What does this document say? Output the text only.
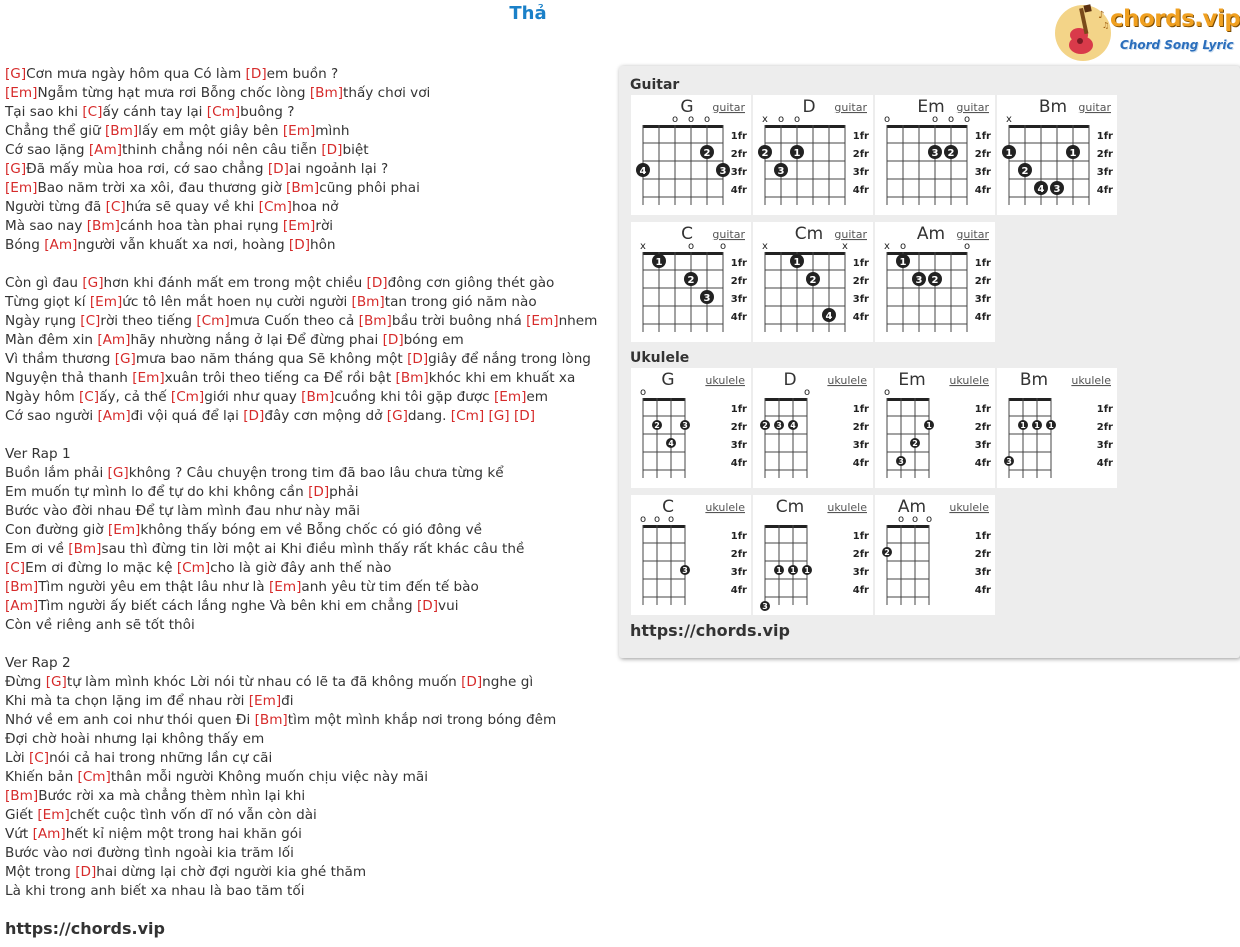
Thả	♪
♫ chords.vip
Chord Song Lyric
[G]Cơn mưa ngày hôm qua Có làm [D]em buồn ?
[Em]Ngẫm từng hạt mưa rơi Bỗng chốc lòng [Bm]thấy chơi vơi
Tại sao khi [C]ấy cánh tay lại [Cm]buông ?
Chẳng thể giữ [Bm]lấy em một giây bên [Em]mình
Cớ sao lặng [Am]thinh chẳng nói nên câu tiễn [D]biệt
[G]Đã mấy mùa hoa rơi, cớ sao chẳng [D]ai ngoảnh lại ?
[Em]Bao năm trời xa xôi, đau thương giờ [Bm]cũng phôi phai
Người từng đã [C]hứa sẽ quay về khi [Cm]hoa nở
Mà sao nay [Bm]cánh hoa tàn phai rụng [Em]rời
Bóng [Am]người vẫn khuất xa nơi, hoàng [D]hôn
Còn gì đau [G]hơn khi đánh mất em trong một chiều [D]đông cơn giông thét gào
Từng giọt kí [Em]ức tô lên mắt hoen nụ cười người [Bm]tan trong gió năm nào
Ngày rụng [C]rời theo tiếng [Cm]mưa Cuốn theo cả [Bm]bầu trời buông nhá [Em]nhem
Màn đêm xin [Am]hãy nhường nắng ở lại Để đừng phai [D]bóng em
Vì thầm thương [G]mưa bao năm tháng qua Sẽ không một [D]giây để nắng trong lòng
Nguyện thả thanh [Em]xuân trôi theo tiếng ca Để rồi bật [Bm]khóc khi em khuất xa
Ngày hôm [C]ấy, cả thế [Cm]giới như quay [Bm]cuồng khi tôi gặp được [Em]em
Cớ sao người [Am]đi vội quá để lại [D]đây cơn mộng dở [G]dang. [Cm] [G] [D]
Ver Rap 1
Buồn lắm phải [G]không ? Câu chuyện trong tim đã bao lâu chưa từng kể
Em muốn tự mình lo để tự do khi không cần [D]phải
Bước vào đời nhau Để tự làm mình đau như này mãi
Con đường giờ [Em]không thấy bóng em về Bỗng chốc có gió đông về
Em ơi về [Bm]sau thì đừng tin lời một ai Khi điều mình thấy rất khác câu thề
[C]Em ơi đừng lo mặc kệ [Cm]cho là giờ đây anh thế nào
[Bm]Tìm người yêu em thật lâu như là [Em]anh yêu từ tim đến tế bào
[Am]Tìm người ấy biết cách lắng nghe Và bên khi em chẳng [D]vui
Còn về riêng anh sẽ tốt thôi
Ver Rap 2
Đừng [G]tự làm mình khóc Lời nói từ nhau có lẽ ta đã không muốn [D]nghe gì
Khi mà ta chọn lặng im để nhau rời [Em]đi
Nhớ về em anh coi như thói quen Đi [Bm]tìm một mình khắp nơi trong bóng đêm
Đợi chờ hoài nhưng lại không thấy em
Lời [C]nói cả hai trong những lần cự cãi
Khiến bản [Cm]thân mỗi người Không muốn chịu việc này mãi
[Bm]Bước rời xa mà chẳng thèm nhìn lại khi
Giết [Em]chết cuộc tình vốn dĩ nó vẫn còn dài
Vứt [Am]hết kỉ niệm một trong hai khăn gói
Bước vào nơi đường tình ngoài kia trăm lối
Một trong [D]hai dừng lại chờ đợi người kia ghé thăm
Là khi trong anh biết xa nhau là bao tăm tối
https://chords.vip
Guitar
G guitar
1fr
2fr
3fr
4fr
o o o
3
2
4
D guitar
1fr
2fr
3fr
4fr
x o o
1
2
3
Em guitar
1fr
2fr
3fr
4fr
o	o o o
2
3
Bm guitar
1fr
2fr
3fr
4fr
x
1
1
2
3
4
C guitar
1fr
2fr
3fr
4fr
x	o	o
1
2
3
Cm guitar
1fr
2fr
3fr
4fr
x	x
2
1
4
Am guitar
1fr
2fr
3fr
4fr
x o	o
1
2
3
Ukulele
G	ukulele
1fr
2fr
3fr
4fr
o
2
4
3
D	ukulele
1fr
2fr
3fr
4fr
o
2 3 4
Em ukulele
1fr
2fr
3fr
4fr
o
3
2
1
Bm ukulele
1fr
2fr
3fr
4fr
3
1 1 1
C	ukulele
1fr
2fr
3fr
4fr
o o o
3
Cm ukulele
1fr
2fr
3fr
4fr
3
1 1 1
Am ukulele
1fr
2fr
3fr
4fr
o o o
2
https://chords.vip
